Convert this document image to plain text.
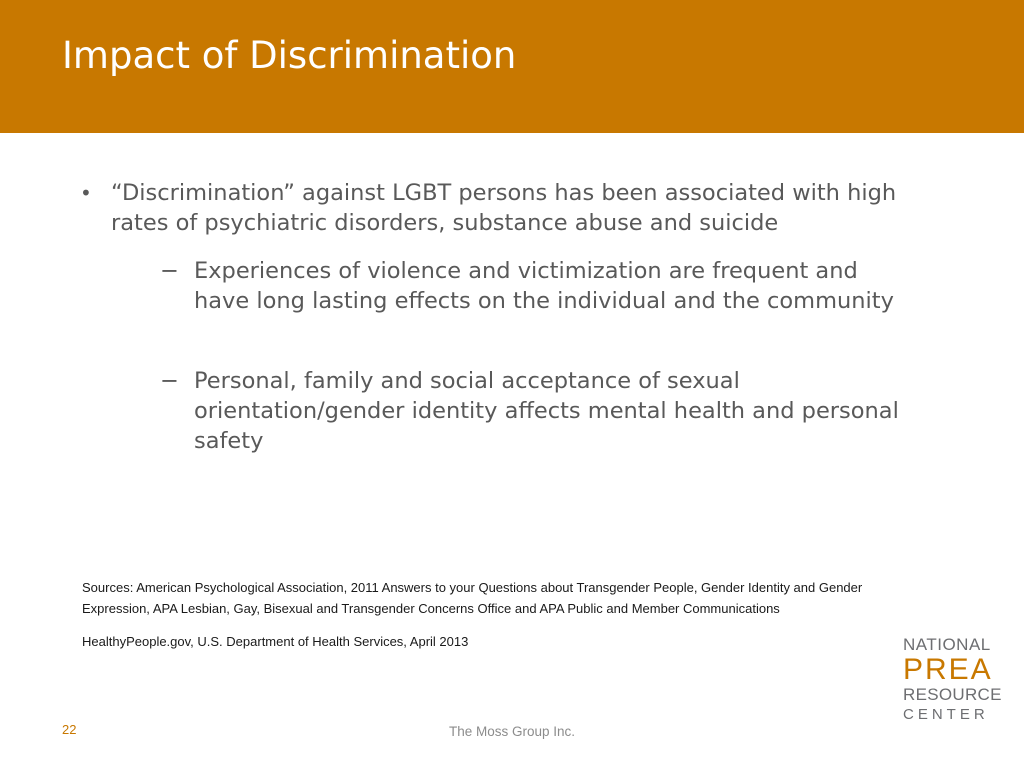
Impact of Discrimination
• “Discrimination” against LGBT persons has been associated with high rates of psychiatric disorders, substance abuse and suicide
− Experiences of violence and victimization are frequent and have long lasting effects on the individual and the community
− Personal, family and social acceptance of sexual orientation/gender identity affects mental health and personal safety

Sources: American Psychological Association, 2011 Answers to your Questions about Transgender People, Gender Identity and Gender Expression, APA Lesbian, Gay, Bisexual and Transgender Concerns Office and APA Public and Member Communications

HealthyPeople.gov, U.S. Department of Health Services, April 2013

22	The Moss Group Inc.
NATIONAL
PREA
RESOURCE
CENTER
